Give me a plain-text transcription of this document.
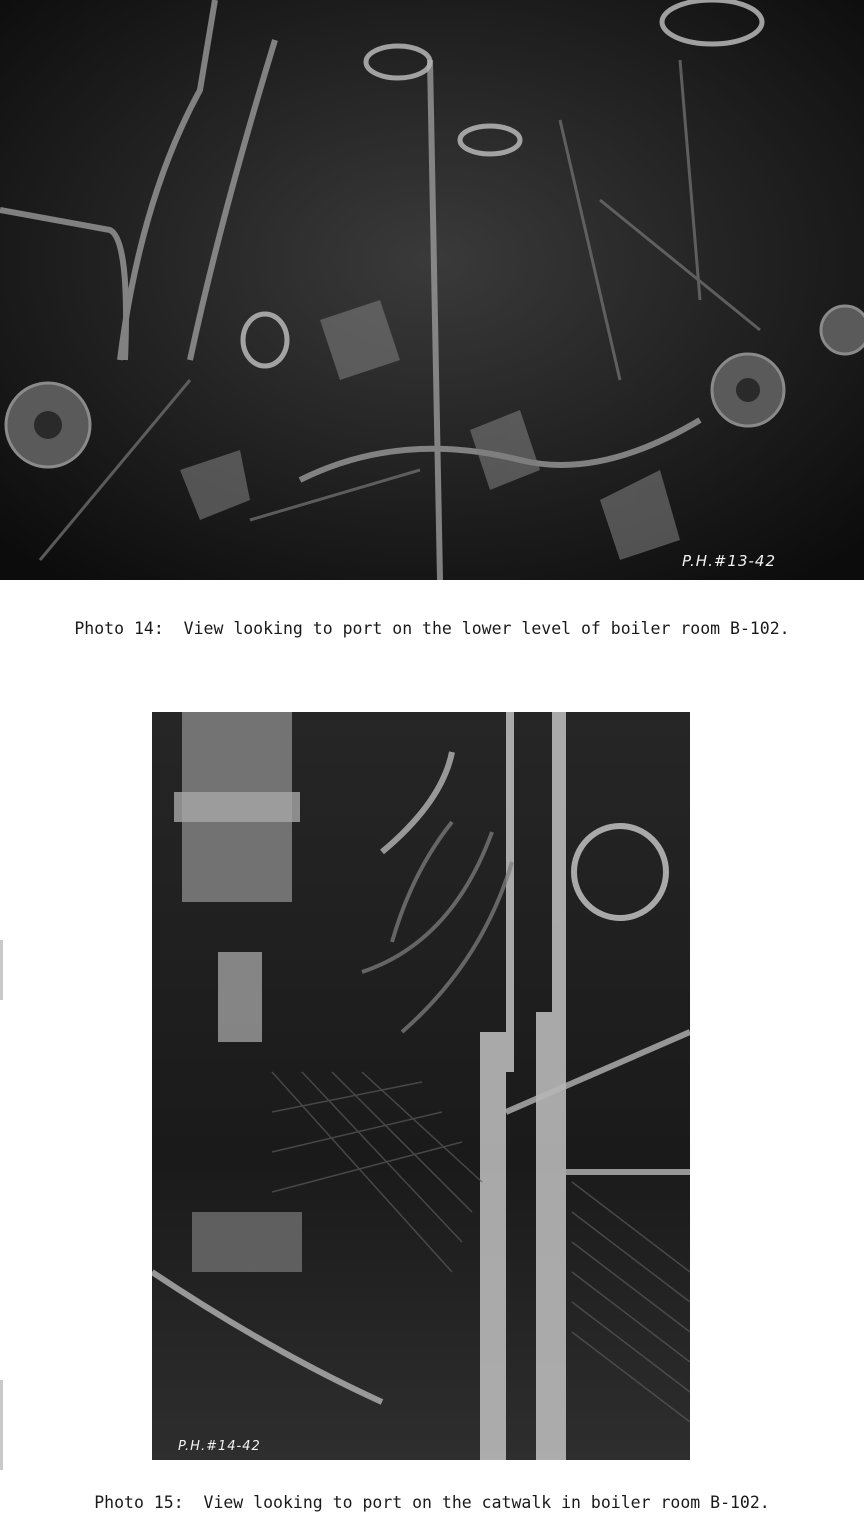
P.H.#13-42
Photo 14:  View looking to port on the lower level of boiler room B-102.
P.H.#14-42
Photo 15:  View looking to port on the catwalk in boiler room B-102.
